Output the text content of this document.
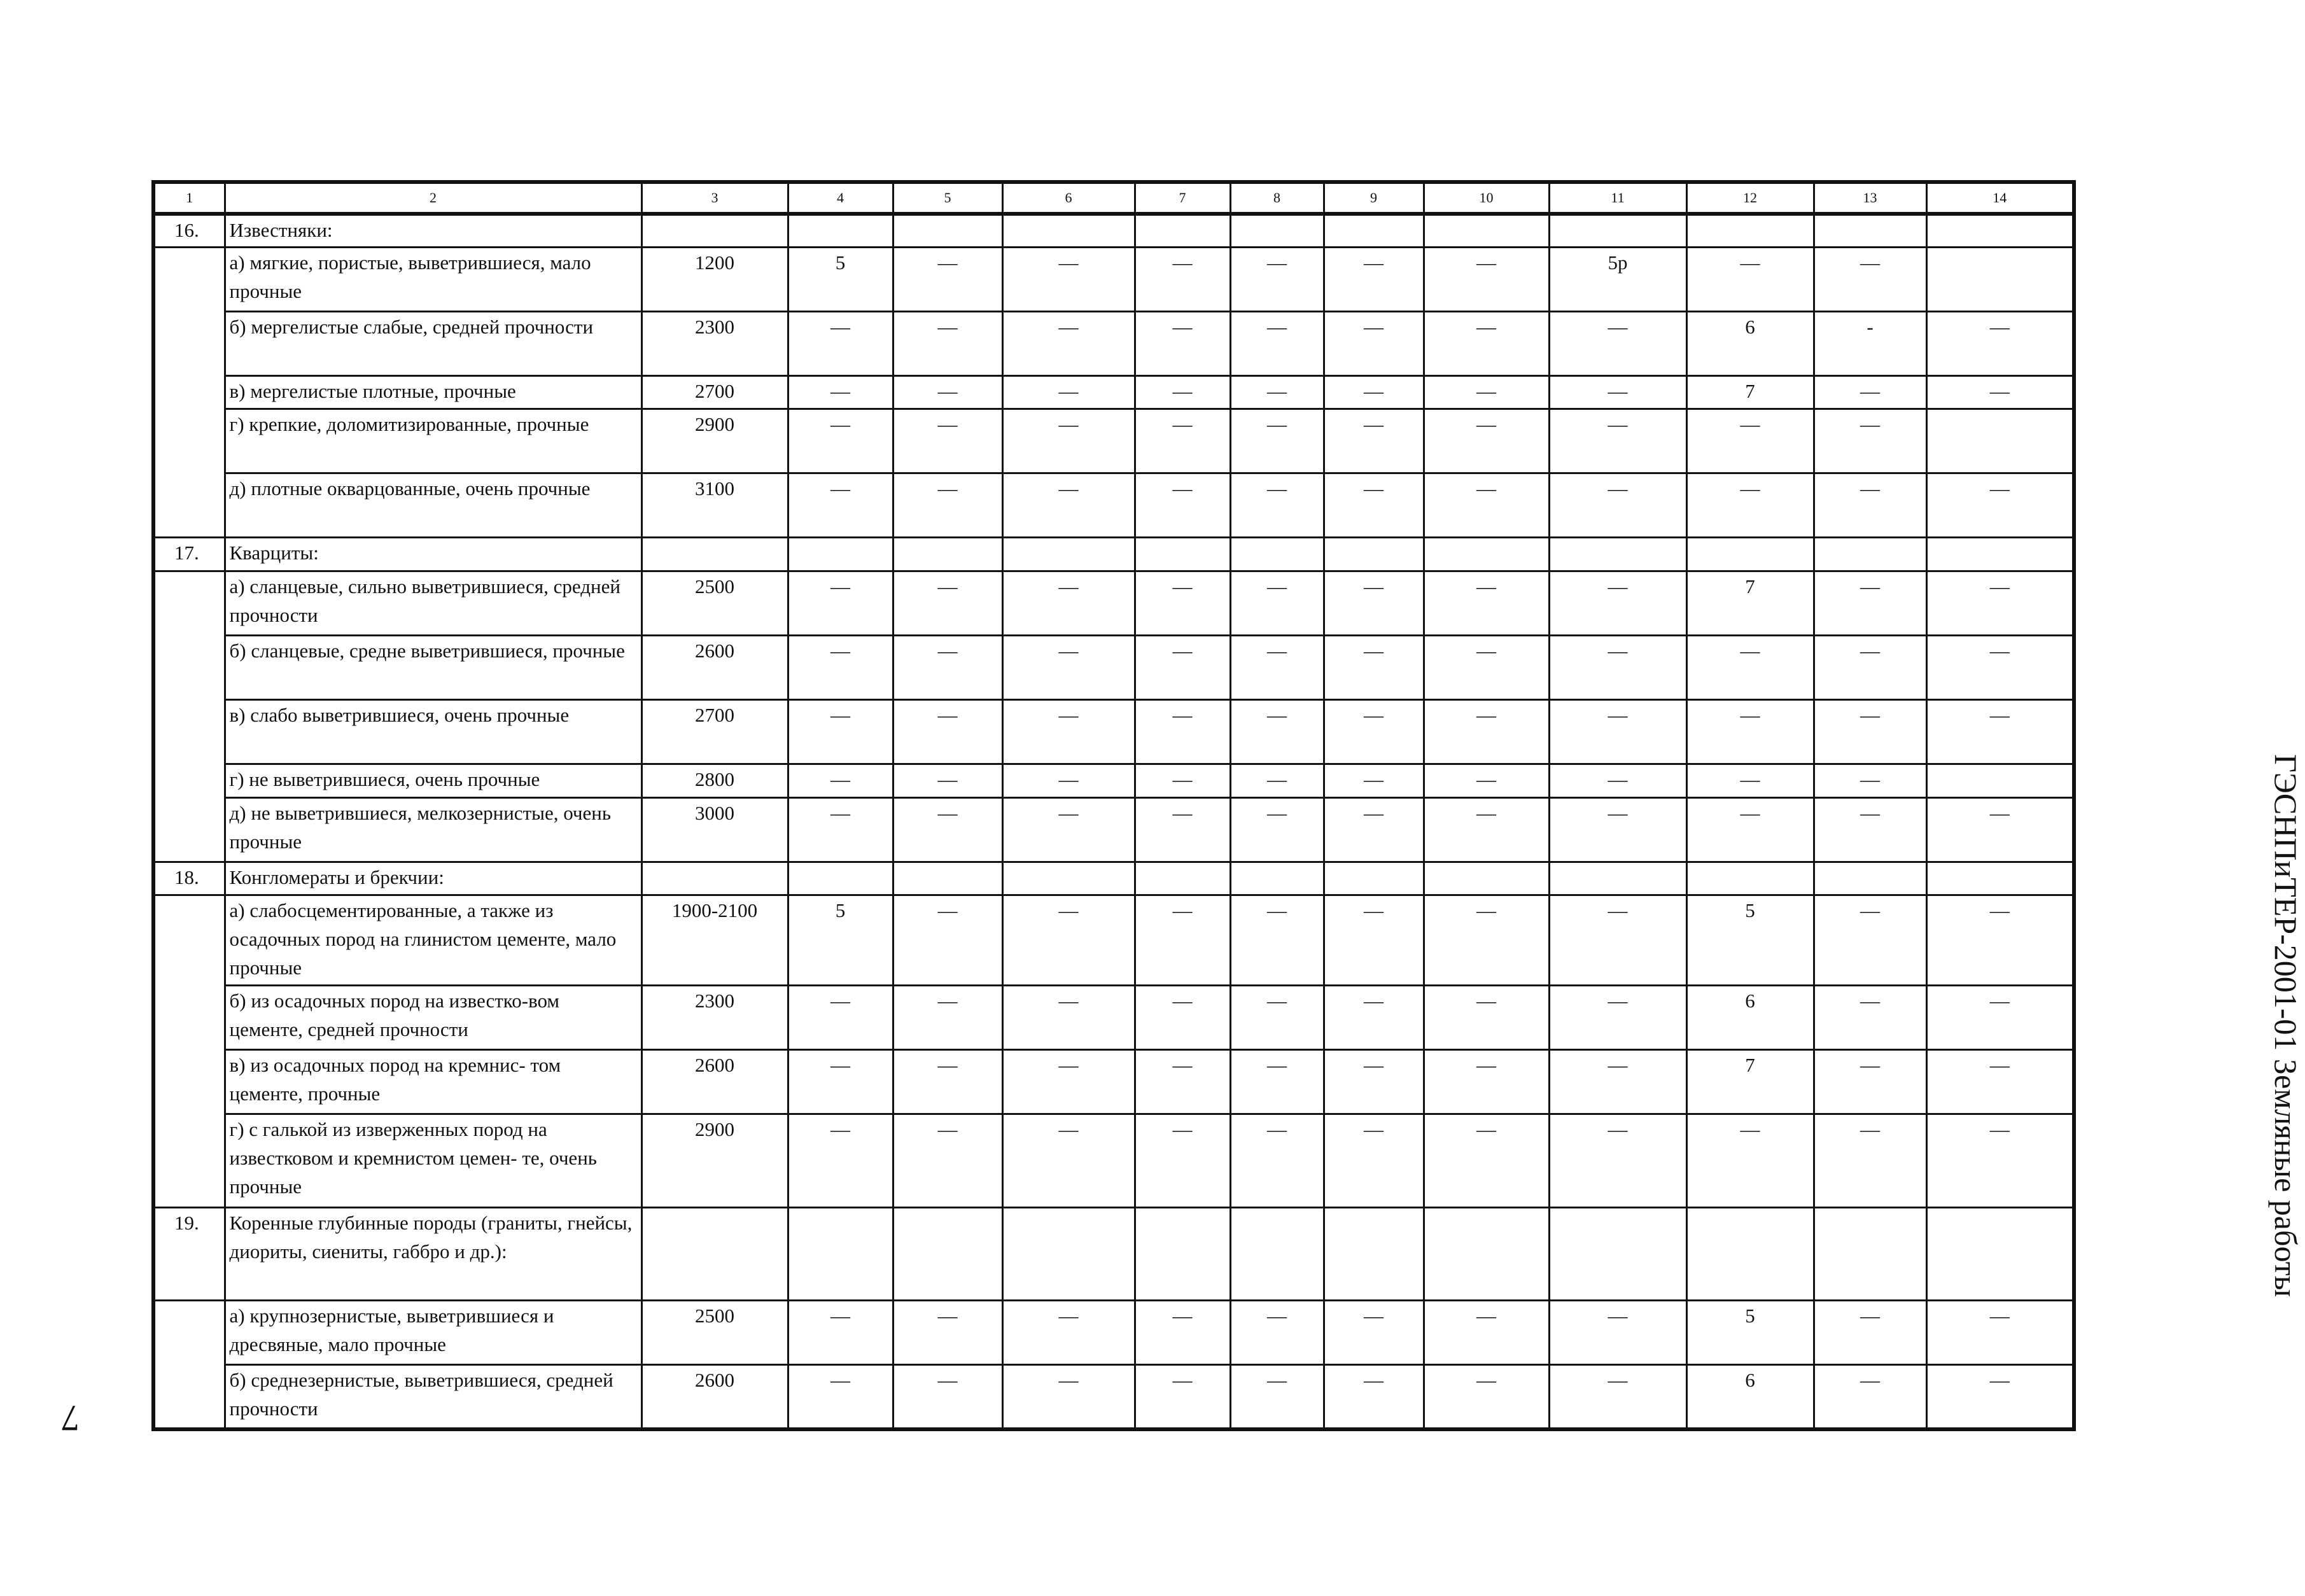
1	2	3	4	5	6	7	8	9	10	11	12	13	14
16.	Известняки:												
	а) мягкие, пористые, выветрившиеся, мало прочные	1200	5	—	—	—	—	—	—	5р	—	—	
	б) мергелистые слабые, средней прочности	2300	—	—	—	—	—	—	—	—	6	-	—
	в) мергелистые плотные, прочные	2700	—	—	—	—	—	—	—	—	7	—	—
	г) крепкие, доломитизированные, прочные	2900	—	—	—	—	—	—	—	—	—	—	
	д) плотные окварцованные, очень прочные	3100	—	—	—	—	—	—	—	—	—	—	—
17.	Кварциты:												
	а) сланцевые, сильно выветрившиеся, средней прочности	2500	—	—	—	—	—	—	—	—	7	—	—
	б) сланцевые, средне выветрившиеся, прочные	2600	—	—	—	—	—	—	—	—	—	—	—
	в) слабо выветрившиеся, очень прочные	2700	—	—	—	—	—	—	—	—	—	—	—
	г) не выветрившиеся, очень прочные	2800	—	—	—	—	—	—	—	—	—	—	
	д) не выветрившиеся, мелкозернистые, очень прочные	3000	—	—	—	—	—	—	—	—	—	—	—
18.	Конгломераты и брекчии:												
	а) слабосцементированные, а также из осадочных пород на глинистом цементе, мало прочные	1900-2100	5	—	—	—	—	—	—	—	5	—	—
	б) из осадочных пород на известко-вом цементе, средней прочности	2300	—	—	—	—	—	—	—	—	6	—	—
	в) из осадочных пород на кремнис- том цементе, прочные	2600	—	—	—	—	—	—	—	—	7	—	—
	г) с галькой из изверженных пород на известковом и кремнистом цемен- те, очень прочные	2900	—	—	—	—	—	—	—	—	—	—	—
19.	Коренные глубинные породы (граниты, гнейсы, диориты, сиениты, габбро и др.):												
	а) крупнозернистые, выветрившиеся и дресвяные, мало прочные	2500	—	—	—	—	—	—	—	—	5	—	—
	б) среднезернистые, выветрившиеся, средней прочности	2600	—	—	—	—	—	—	—	—	6	—	—
7
ГЭСНПиТЕР-2001-01 Земляные работы
